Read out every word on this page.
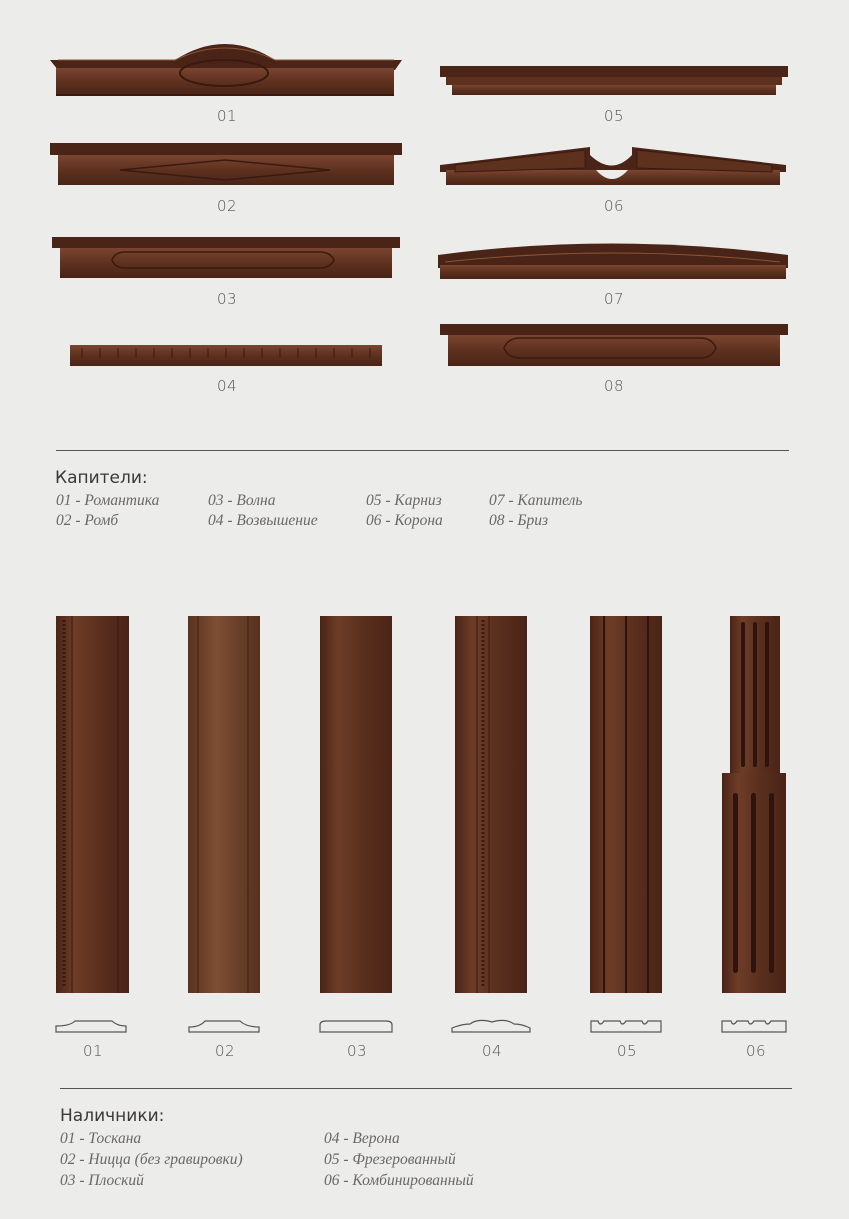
01
02
03
04
05
06
07
08
Капители:
01 - Романтика
02 - Ромб
03 - Волна
04 - Возвышение
05 - Карниз
06 - Корона
07 - Капитель
08 - Бриз
01	02	03	04	05	06
Наличники:
01 - Тоскана
02 - Ницца (без гравировки)
03 - Плоский
04 - Верона
05 - Фрезерованный
06 - Комбинированный
